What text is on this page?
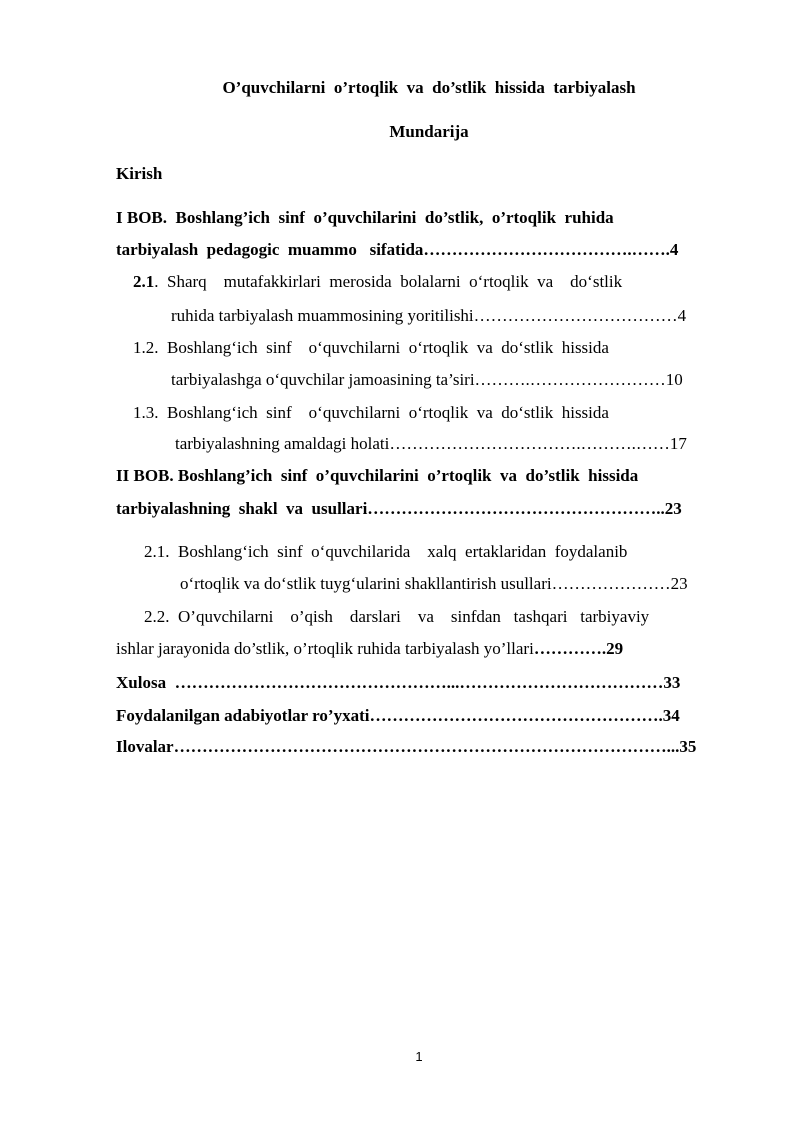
O’quvchilarni  o’rtoqlik  va  do’stlik  hissida  tarbiyalash
Mundarija
Kirish
I BOB.  Boshlang’ich  sinf  o’quvchilarini  do’stlik,  o’rtoqlik  ruhida
tarbiyalash  pedagogic  muammo   sifatida……………………………….…….4
2.1.  Sharq    mutafakkirlari  merosida  bolalarni  o‘rtoqlik  va    do‘stlik
ruhida tarbiyalash muammosining yoritilishi………………………………4
1.2.  Boshlang‘ich  sinf    o‘quvchilarni  o‘rtoqlik  va  do‘stlik  hissida
tarbiyalashga o‘quvchilar jamoasining ta’siri……….……………………10
1.3.  Boshlang‘ich  sinf    o‘quvchilarni  o‘rtoqlik  va  do‘stlik  hissida
tarbiyalashning amaldagi holati…………………………….……….……17
II BOB. Boshlang’ich  sinf  o’quvchilarini  o’rtoqlik  va  do’stlik  hissida
tarbiyalashning  shakl  va  usullari……………………………………………..23
2.1.  Boshlang‘ich  sinf  o‘quvchilarida    xalq  ertaklaridan  foydalanib
o‘rtoqlik va do‘stlik tuyg‘ularini shakllantirish usullari…………………23
2.2.  O’quvchilarni    o’qish    darslari    va    sinfdan   tashqari   tarbiyaviy
ishlar jarayonida do’stlik, o’rtoqlik ruhida tarbiyalash yo’llari………….29
Xulosa  …………………………………………...………………………………33
Foydalanilgan adabiyotlar ro’yxati…………………………………………….34
Ilovalar……………………………………………………………………………...35
1
